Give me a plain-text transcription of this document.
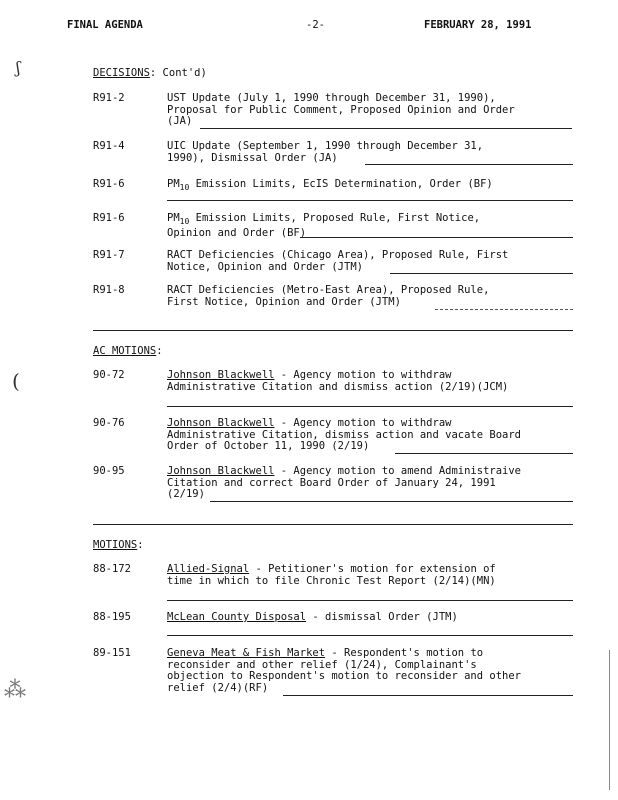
FINAL AGENDA	-2-	FEBRUARY 28, 1991
ʃ
(
⁂
DECISIONS: Cont'd)
R91-2	UST Update (July 1, 1990 through December 31, 1990),
Proposal for Public Comment, Proposed Opinion and Order
(JA)
R91-4	UIC Update (September 1, 1990 through December 31,
1990), Dismissal Order (JA)
R91-6	$PM_{10}$ Emission Limits, EcIS Determination, Order (BF)
R91-6	$PM_{10}$ Emission Limits, Proposed Rule, First Notice,
Opinion and Order (BF)
R91-7	RACT Deficiencies (Chicago Area), Proposed Rule, First
Notice, Opinion and Order (JTM)
R91-8	RACT Deficiencies (Metro-East Area), Proposed Rule,
First Notice, Opinion and Order (JTM)
AC MOTIONS:
90-72	Johnson Blackwell - Agency motion to withdraw
Administrative Citation and dismiss action (2/19)(JCM)
90-76	Johnson Blackwell - Agency motion to withdraw
Administrative Citation, dismiss action and vacate Board
Order of October 11, 1990 (2/19)
90-95	Johnson Blackwell - Agency motion to amend Administraive
Citation and correct Board Order of January 24, 1991
(2/19)
MOTIONS:
88-172	Allied-Signal - Petitioner's motion for extension of
time in which to file Chronic Test Report (2/14)(MN)
88-195	McLean County Disposal - dismissal Order (JTM)
89-151	Geneva Meat & Fish Market - Respondent's motion to
reconsider and other relief (1/24), Complainant's
objection to Respondent's motion to reconsider and other
relief (2/4)(RF)
